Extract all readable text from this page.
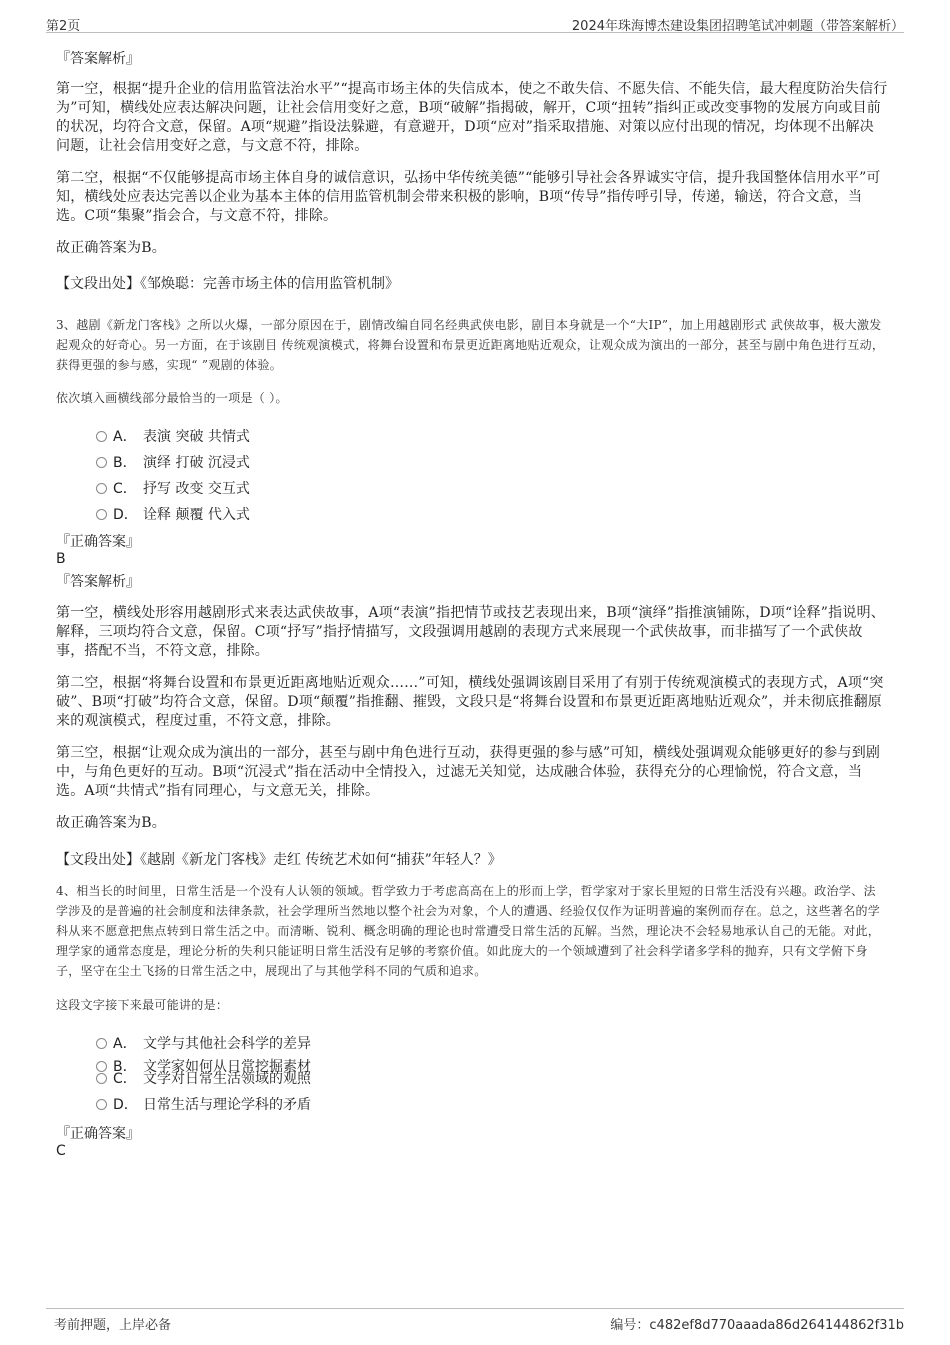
第2页	2024年珠海博杰建设集团招聘笔试冲刺题（带答案解析）
『答案解析』
第一空，根据“提升企业的信用监管法治水平”“提高市场主体的失信成本，使之不敢失信、不愿失信、不能失信，最大程度防治失信行为”可知，横线处应表达解决问题，让社会信用变好之意，B项“破解”指揭破，解开，C项“扭转”指纠正或改变事物的发展方向或目前的状况，均符合文意，保留。A项“规避”指设法躲避，有意避开，D项“应对”指采取措施、对策以应付出现的情况，均体现不出解决问题，让社会信用变好之意，与文意不符，排除。
第二空，根据“不仅能够提高市场主体自身的诚信意识，弘扬中华传统美德”“能够引导社会各界诚实守信，提升我国整体信用水平”可知，横线处应表达完善以企业为基本主体的信用监管机制会带来积极的影响，B项“传导”指传呼引导，传递，输送，符合文意，当选。C项“集聚”指会合，与文意不符，排除。
故正确答案为B。
【文段出处】《邹焕聪：完善市场主体的信用监管机制》
3、越剧《新龙门客栈》之所以火爆，一部分原因在于，剧情改编自同名经典武侠电影，剧目本身就是一个“大IP”，加上用越剧形式 武侠故事，极大激发起观众的好奇心。另一方面，在于该剧目 传统观演模式，将舞台设置和布景更近距离地贴近观众，让观众成为演出的一部分，甚至与剧中角色进行互动，获得更强的参与感，实现“ ”观剧的体验。
依次填入画横线部分最恰当的一项是（ ）。
A． 表演 突破 共情式
B． 演绎 打破 沉浸式
C． 抒写 改变 交互式
D． 诠释 颠覆 代入式
『正确答案』
B
『答案解析』
第一空，横线处形容用越剧形式来表达武侠故事，A项“表演”指把情节或技艺表现出来，B项“演绎”指推演铺陈，D项“诠释”指说明、解释，三项均符合文意，保留。C项“抒写”指抒情描写，文段强调用越剧的表现方式来展现一个武侠故事，而非描写了一个武侠故事，搭配不当，不符文意，排除。
第二空，根据“将舞台设置和布景更近距离地贴近观众……”可知，横线处强调该剧目采用了有别于传统观演模式的表现方式，A项“突破”、B项“打破”均符合文意，保留。D项“颠覆”指推翻、摧毁，文段只是“将舞台设置和布景更近距离地贴近观众”，并未彻底推翻原来的观演模式，程度过重，不符文意，排除。
第三空，根据“让观众成为演出的一部分，甚至与剧中角色进行互动，获得更强的参与感”可知，横线处强调观众能够更好的参与到剧中，与角色更好的互动。B项“沉浸式”指在活动中全情投入，过滤无关知觉，达成融合体验，获得充分的心理愉悦，符合文意，当选。A项“共情式”指有同理心，与文意无关，排除。
故正确答案为B。
【文段出处】《越剧《新龙门客栈》走红 传统艺术如何“捕获”年轻人？》
4、相当长的时间里，日常生活是一个没有人认领的领域。哲学致力于考虑高高在上的形而上学，哲学家对于家长里短的日常生活没有兴趣。政治学、法学涉及的是普遍的社会制度和法律条款，社会学理所当然地以整个社会为对象，个人的遭遇、经验仅仅作为证明普遍的案例而存在。总之，这些著名的学科从来不愿意把焦点转到日常生活之中。而清晰、锐利、概念明确的理论也时常遭受日常生活的瓦解。当然，理论决不会轻易地承认自己的无能。对此，理学家的通常态度是，理论分析的失利只能证明日常生活没有足够的考察价值。如此庞大的一个领域遭到了社会科学诸多学科的抛弃，只有文学俯下身子，坚守在尘土飞扬的日常生活之中，展现出了与其他学科不同的气质和追求。
这段文字接下来最可能讲的是：
A． 文学与其他社会科学的差异
B． 文学家如何从日常挖掘素材
C． 文学对日常生活领域的观照
D． 日常生活与理论学科的矛盾
『正确答案』
C
考前押题，上岸必备	编号：c482ef8d770aaada86d264144862f31b
